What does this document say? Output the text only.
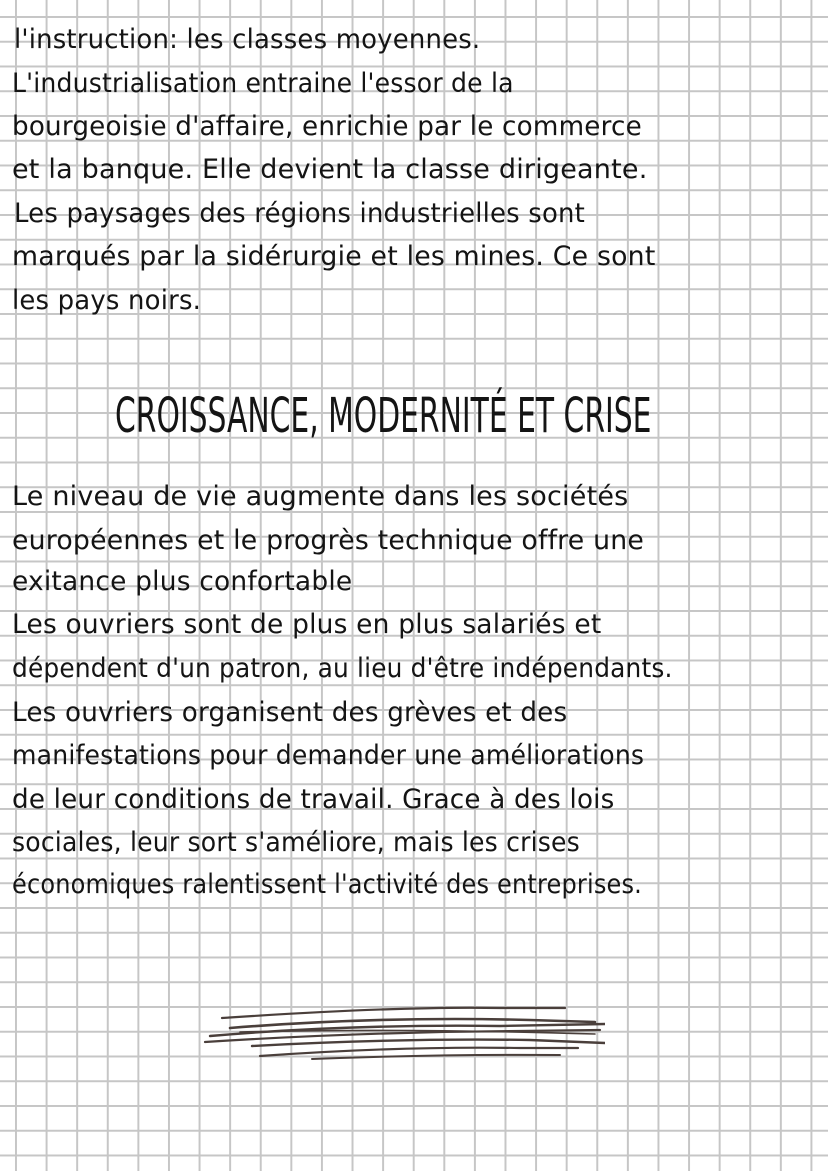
l'instruction: les classes moyennes.
L'industrialisation entraine l'essor de la
bourgeoisie d'affaire, enrichie par le commerce
et la banque. Elle devient la classe dirigeante.
Les paysages des régions industrielles sont
marqués par la sidérurgie et les mines. Ce sont
les pays noirs.
CROISSANCE, MODERNITÉ ET CRISE
Le niveau de vie augmente dans les sociétés
européennes et le progrès technique offre une
exitance plus confortable
Les ouvriers sont de plus en plus salariés et
dépendent d'un patron, au lieu d'être indépendants.
Les ouvriers organisent des grèves et des
manifestations pour demander une améliorations
de leur conditions de travail. Grace à des lois
sociales, leur sort s'améliore, mais les crises
économiques ralentissent l'activité des entreprises.
